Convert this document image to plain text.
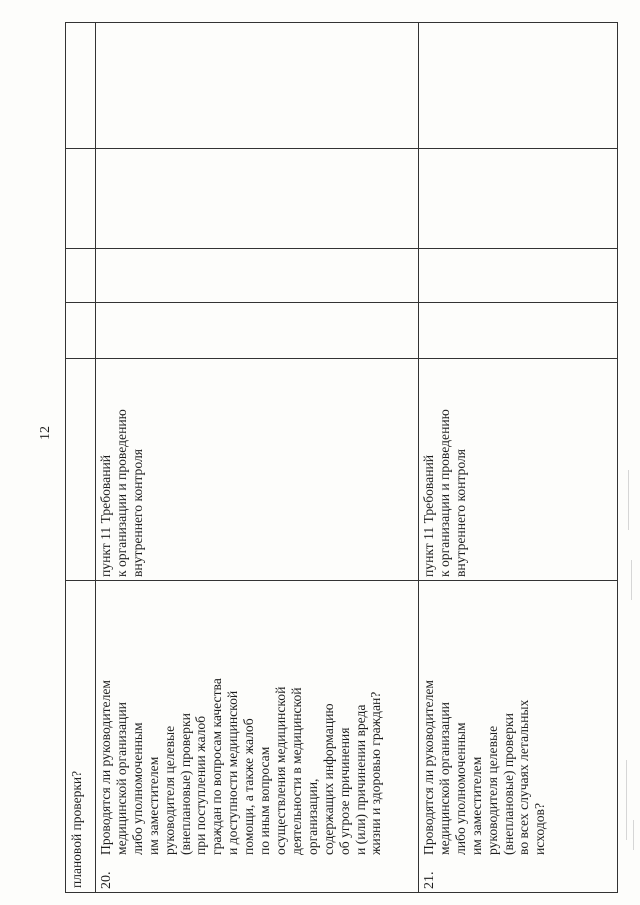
12
плановой проверки?	20.
Проводятся ли руководителем
медицинской организации
либо уполномоченным
им заместителем
руководителя целевые
(внеплановые) проверки
при поступлении жалоб
граждан по вопросам качества
и доступности медицинской
помощи, а также жалоб
по иным вопросам
осуществления медицинской
деятельности в медицинской
организации,
содержащих информацию
об угрозе причинения
и (или) причинении вреда
жизни и здоровью граждан?
пункт 11 Требований
к организации и проведению
внутреннего контроля
21.
Проводятся ли руководителем
медицинской организации
либо уполномоченным
им заместителем
руководителя целевые
(внеплановые) проверки
во всех случаях летальных
исходов?
пункт 11 Требований
к организации и проведению
внутреннего контроля
